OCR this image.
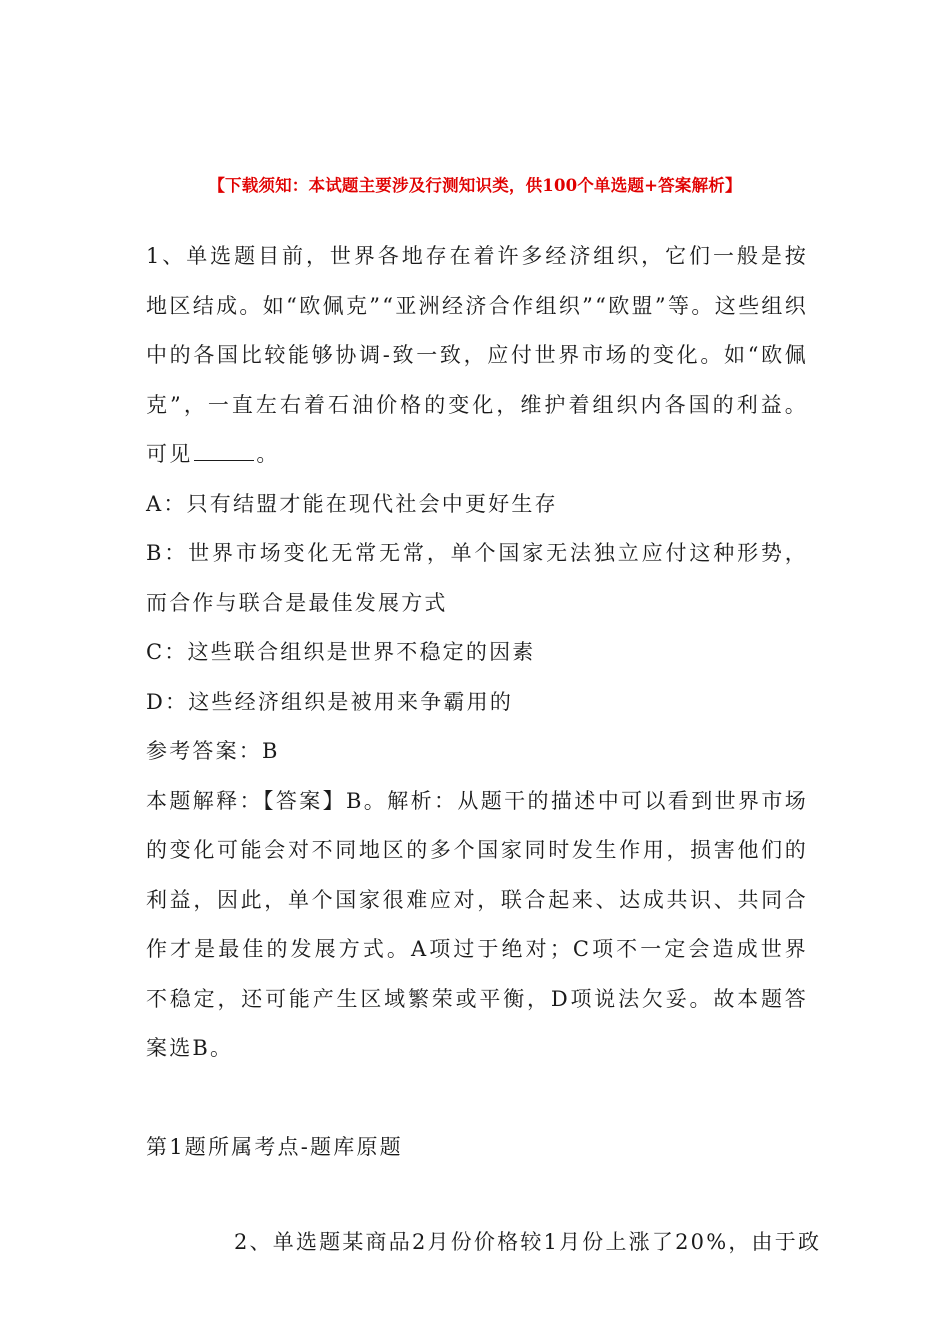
【下载须知：本试题主要涉及行测知识类，供100个单选题+答案解析】

1、单选题目前，世界各地存在着许多经济组织，它们一般是按地区结成。如“欧佩克”“亚洲经济合作组织”“欧盟”等。这些组织中的各国比较能够协调-致一致，应付世界市场的变化。如“欧佩克”，一直左右着石油价格的变化，维护着组织内各国的利益。可见	。

A：只有结盟才能在现代社会中更好生存

B：世界市场变化无常无常，单个国家无法独立应付这种形势，而合作与联合是最佳发展方式

C：这些联合组织是世界不稳定的因素

D：这些经济组织是被用来争霸用的

参考答案：B

本题解释：【答案】B。解析：从题干的描述中可以看到世界市场的变化可能会对不同地区的多个国家同时发生作用，损害他们的利益，因此，单个国家很难应对，联合起来、达成共识、共同合作才是最佳的发展方式。A项过于绝对；C项不一定会造成世界不稳定，还可能产生区域繁荣或平衡，D项说法欠妥。故本题答案选B。

第1题所属考点-题库原题

2、单选题某商品2月份价格较1月份上涨了20%，由于政
